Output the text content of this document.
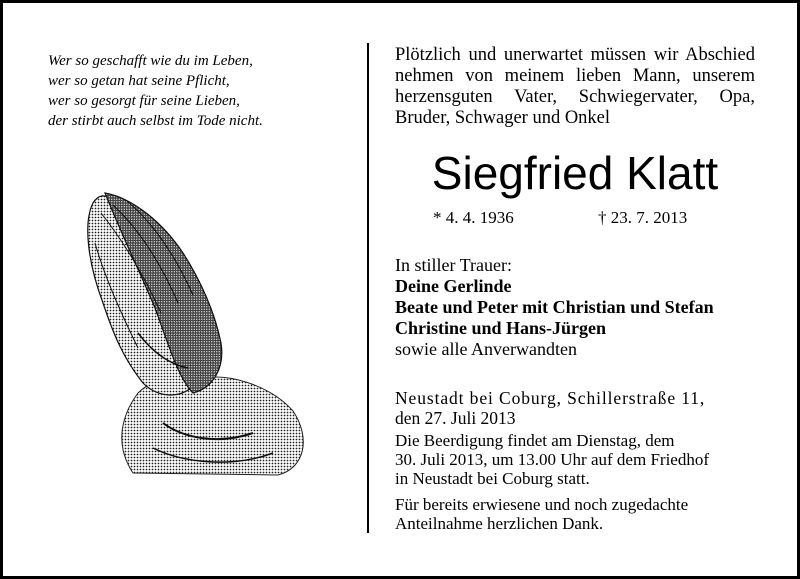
Wer so geschafft wie du im Leben,
wer so getan hat seine Pflicht,
wer so gesorgt für seine Lieben,
der stirbt auch selbst im Tode nicht.
Plötzlich und unerwartet müssen wir Abschied
nehmen von meinem lieben Mann, unserem
herzensguten Vater, Schwiegervater, Opa,
Bruder, Schwager und Onkel
Siegfried Klatt
* 4. 4. 1936	† 23. 7. 2013
In stiller Trauer:
Deine Gerlinde
Beate und Peter mit Christian und Stefan
Christine und Hans-Jürgen
sowie alle Anverwandten
Neustadt bei Coburg, Schillerstraße 11,
den 27. Juli 2013
Die Beerdigung findet am Dienstag, dem
30. Juli 2013, um 13.00 Uhr auf dem Friedhof
in Neustadt bei Coburg statt.
Für bereits erwiesene und noch zugedachte
Anteilnahme herzlichen Dank.
